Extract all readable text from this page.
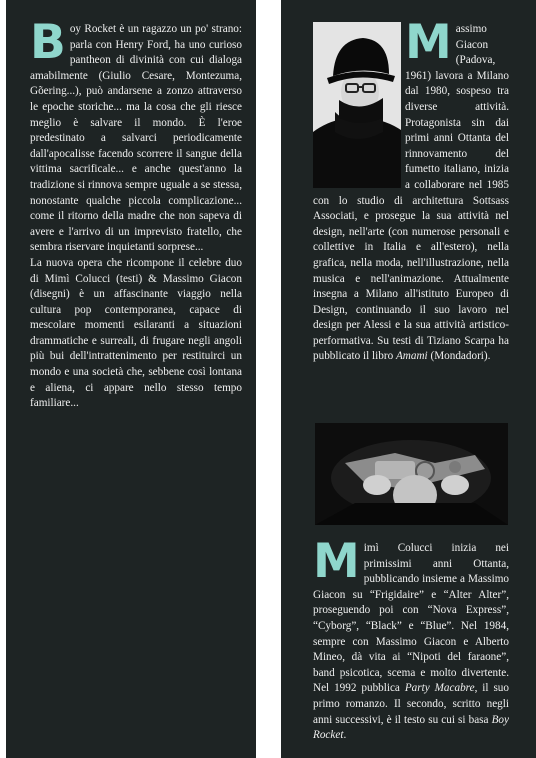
Boy Rocket è un ragazzo un po' strano: parla con Henry Ford, ha uno curioso pantheon di divinità con cui dialoga amabilmente (Giulio Cesare, Montezuma, Gõering...), può andarsene a zonzo attraverso le epoche storiche... ma la cosa che gli riesce meglio è salvare il mondo. È l'eroe predestinato a salvarci periodicamente dall'apocalisse facendo scorrere il sangue della vittima sacrificale... e anche quest'anno la tradizione si rinnova sempre uguale a se stessa, nonostante qualche piccola complicazione... come il ritorno della madre che non sapeva di avere e l'arrivo di un imprevisto fratello, che sembra riservare inquietanti sorprese...

La nuova opera che ricompone il celebre duo di Mimì Colucci (testi) & Massimo Giacon (disegni) è un affascinante viaggio nella cultura pop contemporanea, capace di mescolare momenti esilaranti a situazioni drammatiche e surreali, di frugare negli angoli più bui dell'intrattenimento per restituirci un mondo e una società che, sebbene così lontana e aliena, ci appare nello stesso tempo familiare...

Massimo Giacon (Padova, 1961) lavora a Milano dal 1980, sospeso tra diverse attività. Protagonista sin dai primi anni Ottanta del rinnovamento del fumetto italiano, inizia a collaborare nel 1985 con lo studio di architettura Sottsass Associati, e prosegue la sua attività nel design, nell'arte (con numerose personali e collettive in Italia e all'estero), nella grafica, nella moda, nell'illustrazione, nella musica e nell'animazione. Attualmente insegna a Milano all'istituto Europeo di Design, continuando il suo lavoro nel design per Alessi e la sua attività artistico-performativa. Su testi di Tiziano Scarpa ha pubblicato il libro Amami (Mondadori).

Mimì Colucci inizia nei primissimi anni Ottanta, pubblicando insieme a Massimo Giacon su “Frigidaire” e “Alter Alter”, proseguendo poi con “Nova Express”, “Cyborg”, “Black” e “Blue”. Nel 1984, sempre con Massimo Giacon e Alberto Mineo, dà vita ai “Nipoti del faraone”, band psicotica, scema e molto divertente. Nel 1992 pubblica Party Macabre, il suo primo romanzo. Il secondo, scritto negli anni successivi, è il testo su cui si basa Boy Rocket.
